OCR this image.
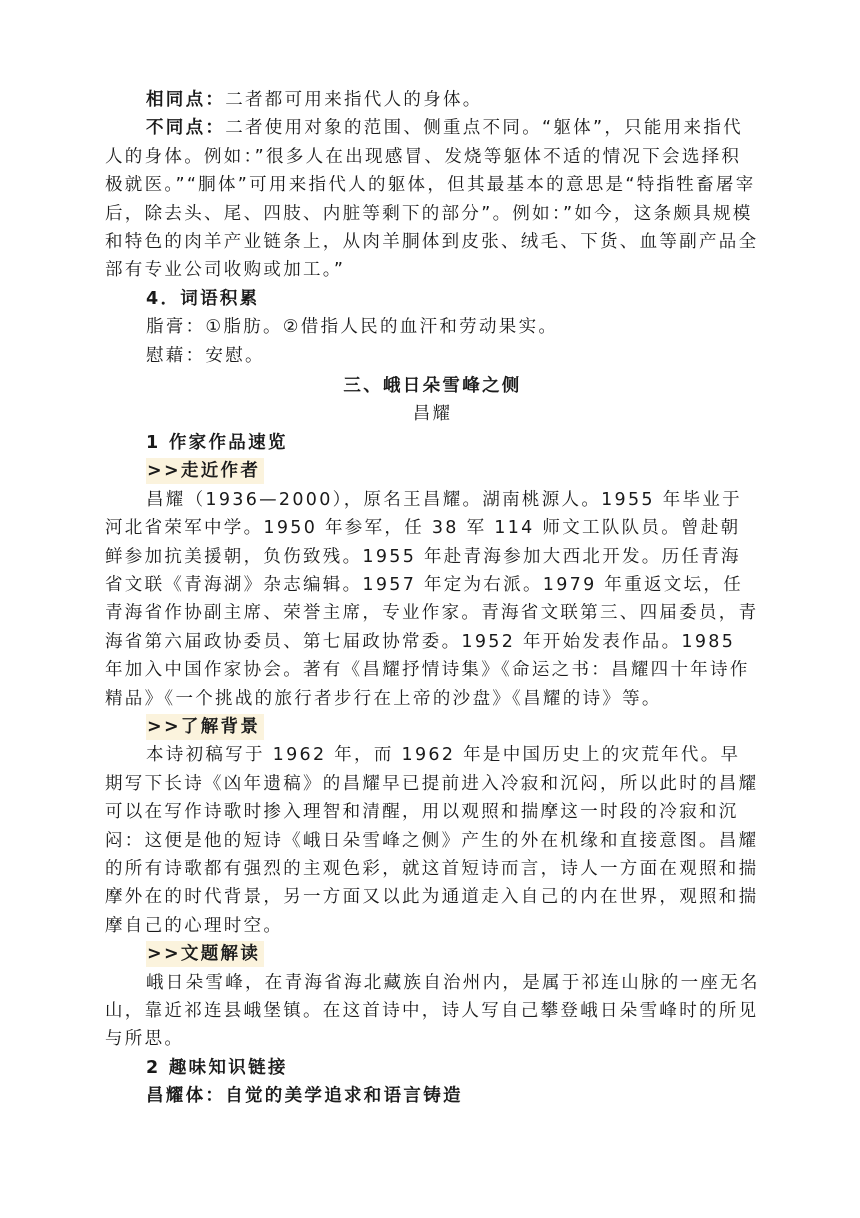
相同点：二者都可用来指代人的身体。

不同点：二者使用对象的范围、侧重点不同。“躯体”，只能用来指代人的身体。例如：”很多人在出现感冒、发烧等躯体不适的情况下会选择积极就医。”“胴体”可用来指代人的躯体，但其最基本的意思是“特指牲畜屠宰后，除去头、尾、四肢、内脏等剩下的部分”。例如：”如今，这条颇具规模和特色的肉羊产业链条上，从肉羊胴体到皮张、绒毛、下货、血等副产品全部有专业公司收购或加工。”

4．词语积累

脂膏：①脂肪。②借指人民的血汗和劳动果实。

慰藉：安慰。

三、峨日朵雪峰之侧

昌耀

1 作家作品速览

>>走近作者

昌耀（1936—2000），原名王昌耀。湖南桃源人。1955 年毕业于河北省荣军中学。1950 年参军，任 38 军 114 师文工队队员。曾赴朝鲜参加抗美援朝，负伤致残。1955 年赴青海参加大西北开发。历任青海省文联《青海湖》杂志编辑。1957 年定为右派。1979 年重返文坛，任青海省作协副主席、荣誉主席，专业作家。青海省文联第三、四届委员，青海省第六届政协委员、第七届政协常委。1952 年开始发表作品。1985 年加入中国作家协会。著有《昌耀抒情诗集》《命运之书：昌耀四十年诗作精品》《一个挑战的旅行者步行在上帝的沙盘》《昌耀的诗》等。

>>了解背景

本诗初稿写于 1962 年，而 1962 年是中国历史上的灾荒年代。早期写下长诗《凶年遗稿》的昌耀早已提前进入冷寂和沉闷，所以此时的昌耀可以在写作诗歌时掺入理智和清醒，用以观照和揣摩这一时段的冷寂和沉闷：这便是他的短诗《峨日朵雪峰之侧》产生的外在机缘和直接意图。昌耀的所有诗歌都有强烈的主观色彩，就这首短诗而言，诗人一方面在观照和揣摩外在的时代背景，另一方面又以此为通道走入自己的内在世界，观照和揣摩自己的心理时空。

>>文题解读

峨日朵雪峰，在青海省海北藏族自治州内，是属于祁连山脉的一座无名山，靠近祁连县峨堡镇。在这首诗中，诗人写自己攀登峨日朵雪峰时的所见与所思。

2 趣味知识链接

昌耀体：自觉的美学追求和语言铸造
